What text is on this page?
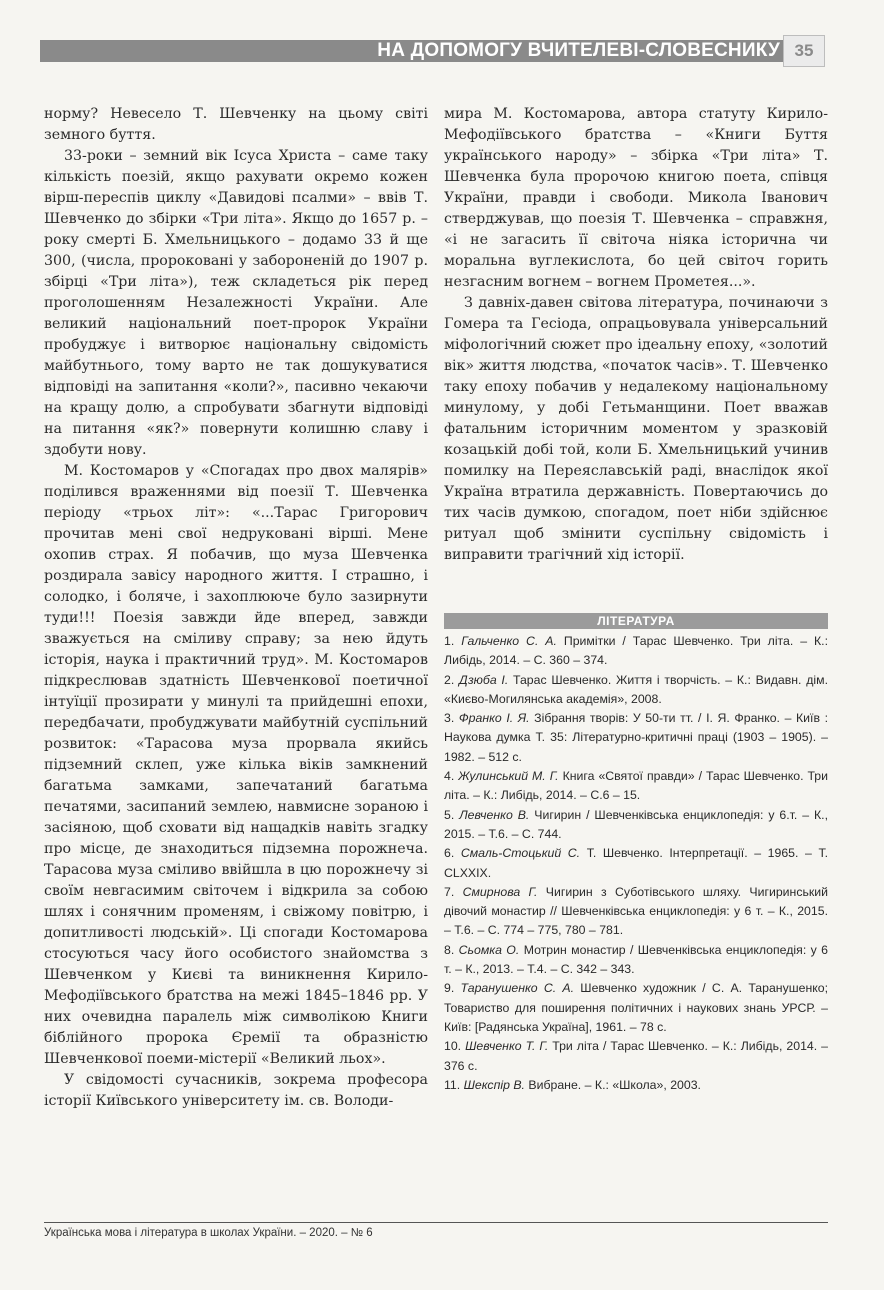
НА ДОПОМОГУ ВЧИТЕЛЕВІ-СЛОВЕСНИКУ 35

норму? Невесело Т. Шевченку на цьому світі земного буття.

33-роки – земний вік Ісуса Христа – саме таку кількість поезій, якщо рахувати окремо кожен вірш-переспів циклу «Давидові псалми» – ввів Т. Шевченко до збірки «Три літа». Якщо до 1657 р. – року смерті Б. Хмельницького – додамо 33 й ще 300, (числа, пророковані у забороненій до 1907 р. збірці «Три літа»), теж складеться рік перед проголошенням Незалежності України. Але великий національний поет-пророк України пробуджує і витворює національну свідомість майбутнього, тому варто не так дошукуватися відповіді на запитання «коли?», пасивно чекаючи на кращу долю, а спробувати збагнути відповіді на питання «як?» повернути колишню славу і здобути нову.

М. Костомаров у «Спогадах про двох малярів» поділився враженнями від поезії Т. Шевченка періоду «трьох літ»: «...Тарас Григорович прочитав мені свої недруковані вірші. Мене охопив страх. Я побачив, що муза Шевченка роздирала завісу народного життя. І страшно, і солодко, і боляче, і захоплююче було зазирнути туди!!! Поезія завжди йде вперед, завжди зважується на сміливу справу; за нею йдуть історія, наука і практичний труд». М. Костомаров підкреслював здатність Шевченкової поетичної інтуїції прозирати у минулі та прийдешні епохи, передбачати, пробуджувати майбутній суспільний розвиток: «Тарасова муза прорвала якийсь підземний склеп, уже кілька віків замкнений багатьма замками, запечатаний багатьма печатями, засипаний землею, навмисне зораною і засіяною, щоб сховати від нащадків навіть згадку про місце, де знаходиться підземна порожнеча. Тарасова муза сміливо ввійшла в цю порожнечу зі своїм невгасимим світочем і відкрила за собою шлях і сонячним променям, і свіжому повітрю, і допитливості людській». Ці спогади Костомарова стосуються часу його особистого знайомства з Шевченком у Києві та виникнення Кирило-Мефодіївського братства на межі 1845–1846 рр. У них очевидна паралель між символікою Книги біблійного пророка Єремії та образністю Шевченкової поеми-містерії «Великий льох».

У свідомості сучасників, зокрема професора історії Київського університету ім. св. Володи-

мира М. Костомарова, автора статуту Кирило-Мефодіївського братства – «Книги Буття українського народу» – збірка «Три літа» Т. Шевченка була пророчою книгою поета, співця України, правди і свободи. Микола Іванович стверджував, що поезія Т. Шевченка – справжня, «і не загасить її світоча ніяка історична чи моральна вуглекислота, бо цей світоч горить незгасним вогнем – вогнем Прометея...».

З давніх-давен світова література, починаючи з Гомера та Гесіода, опрацьовувала універсальний міфологічний сюжет про ідеальну епоху, «золотий вік» життя людства, «початок часів». Т. Шевченко таку епоху побачив у недалекому національному минулому, у добі Гетьманщини. Поет вважав фатальним історичним моментом у зразковій козацькій добі той, коли Б. Хмельницький учинив помилку на Переяславській раді, внаслідок якої Україна втратила державність. Повертаючись до тих часів думкою, спогадом, поет ніби здійснює ритуал щоб змінити суспільну свідомість і виправити трагічний хід історії.

ЛІТЕРАТУРА

1. Гальченко С. А. Примітки / Тарас Шевченко. Три літа. – К.: Либідь, 2014. – С. 360 – 374.

2. Дзюба І. Тарас Шевченко. Життя і творчість. – К.: Видавн. дім. «Києво-Могилянська академія», 2008.

3. Франко І. Я. Зібрання творів: У 50-ти тт. / І. Я. Франко. – Київ : Наукова думка Т. 35: Літературно-критичні праці (1903 – 1905). – 1982. – 512 с.

4. Жулинський М. Г. Книга «Святої правди» / Тарас Шевченко. Три літа. – К.: Либідь, 2014. – С.6 – 15.

5. Левченко В. Чигирин / Шевченківська енциклопедія: у 6.т. – К., 2015. – Т.6. – С. 744.

6. Смаль-Стоцький С. Т. Шевченко. Інтерпретації. – 1965. – Т. CLXXIX.

7. Смирнова Г. Чигирин з Суботівського шляху. Чигиринський дівочий монастир // Шевченківська енциклопедія: у 6 т. – К., 2015. – Т.6. – С. 774 – 775, 780 – 781.

8. Сьомка О. Мотрин монастир / Шевченківська енциклопедія: у 6 т. – К., 2013. – Т.4. – С. 342 – 343.

9. Таранушенко С. А. Шевченко художник / С. А. Таранушенко; Товариство для поширення політичних і наукових знань УРСР. – Київ: [Радянська Україна], 1961. – 78 с.

10. Шевченко Т. Г. Три літа / Тарас Шевченко. – К.: Либідь, 2014. – 376 с.

11. Шекспір В. Вибране. – К.: «Школа», 2003.

Українська мова і література в школах України. – 2020. – № 6
